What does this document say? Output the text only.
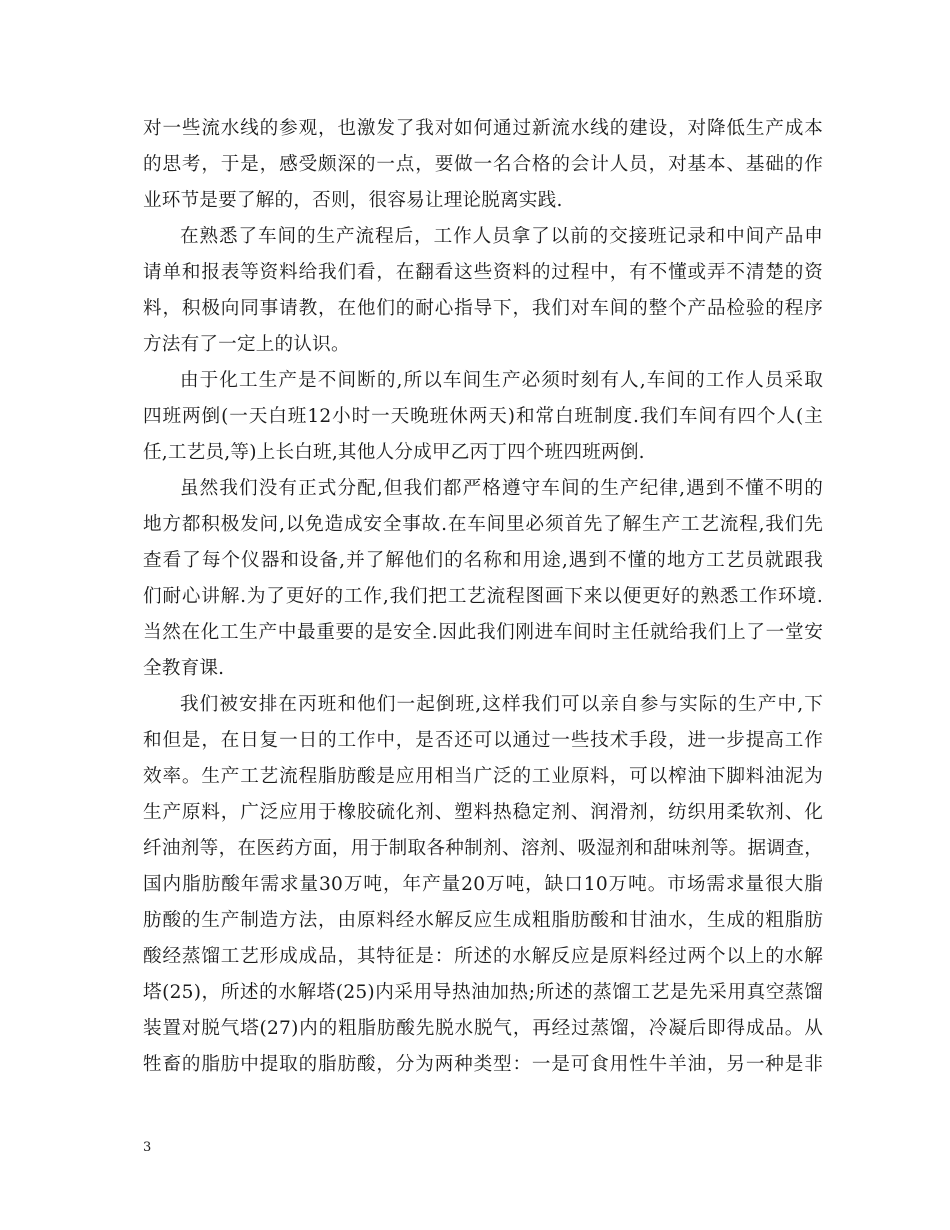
对一些流水线的参观，也激发了我对如何通过新流水线的建设，对降低生产成本
的思考，于是，感受颇深的一点，要做一名合格的会计人员，对基本、基础的作
业环节是要了解的，否则，很容易让理论脱离实践.
在熟悉了车间的生产流程后，工作人员拿了以前的交接班记录和中间产品申
请单和报表等资料给我们看，在翻看这些资料的过程中，有不懂或弄不清楚的资
料，积极向同事请教，在他们的耐心指导下，我们对车间的整个产品检验的程序
方法有了一定上的认识。
由于化工生产是不间断的,所以车间生产必须时刻有人,车间的工作人员采取
四班两倒(一天白班12小时一天晚班休两天)和常白班制度.我们车间有四个人(主
任,工艺员,等)上长白班,其他人分成甲乙丙丁四个班四班两倒.
虽然我们没有正式分配,但我们都严格遵守车间的生产纪律,遇到不懂不明的
地方都积极发问,以免造成安全事故.在车间里必须首先了解生产工艺流程,我们先
查看了每个仪器和设备,并了解他们的名称和用途,遇到不懂的地方工艺员就跟我
们耐心讲解.为了更好的工作,我们把工艺流程图画下来以便更好的熟悉工作环境.
当然在化工生产中最重要的是安全.因此我们刚进车间时主任就给我们上了一堂安
全教育课.
我们被安排在丙班和他们一起倒班,这样我们可以亲自参与实际的生产中,下
和但是，在日复一日的工作中，是否还可以通过一些技术手段，进一步提高工作
效率。生产工艺流程脂肪酸是应用相当广泛的工业原料，可以榨油下脚料油泥为
生产原料，广泛应用于橡胶硫化剂、塑料热稳定剂、润滑剂，纺织用柔软剂、化
纤油剂等，在医药方面，用于制取各种制剂、溶剂、吸湿剂和甜味剂等。据调查，
国内脂肪酸年需求量30万吨，年产量20万吨，缺口10万吨。市场需求量很大脂
肪酸的生产制造方法，由原料经水解反应生成粗脂肪酸和甘油水，生成的粗脂肪
酸经蒸馏工艺形成成品，其特征是：所述的水解反应是原料经过两个以上的水解
塔(25)，所述的水解塔(25)内采用导热油加热;所述的蒸馏工艺是先采用真空蒸馏
装置对脱气塔(27)内的粗脂肪酸先脱水脱气，再经过蒸馏，冷凝后即得成品。从
牲畜的脂肪中提取的脂肪酸，分为两种类型：一是可食用性牛羊油，另一种是非
3
